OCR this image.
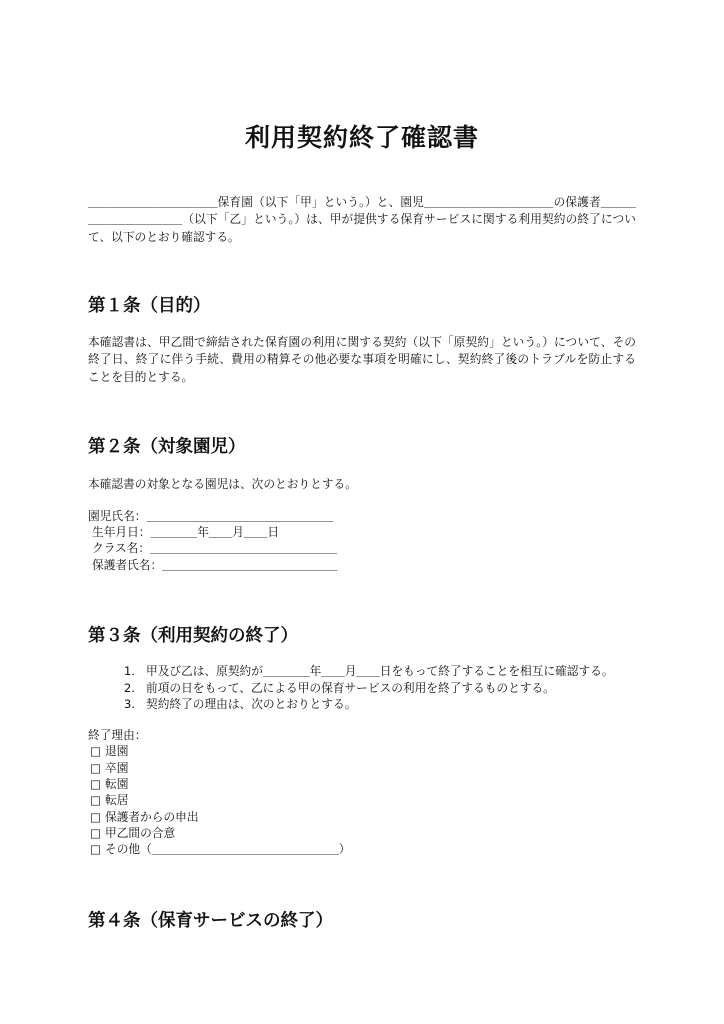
利用契約終了確認書

＿＿＿＿＿＿＿＿＿＿＿保育園（以下「甲」という。）と、園児＿＿＿＿＿＿＿＿＿＿＿の保護者＿＿＿＿＿＿＿＿＿＿＿（以下「乙」という。）は、甲が提供する保育サービスに関する利用契約の終了について、以下のとおり確認する。

第１条（目的）

本確認書は、甲乙間で締結された保育園の利用に関する契約（以下「原契約」という。）について、その終了日、終了に伴う手続、費用の精算その他必要な事項を明確にし、契約終了後のトラブルを防止することを目的とする。

第２条（対象園児）

本確認書の対象となる園児は、次のとおりとする。

園児氏名：＿＿＿＿＿＿＿＿＿＿＿＿＿＿＿＿
生年月日：＿＿＿＿年＿＿月＿＿日
クラス名：＿＿＿＿＿＿＿＿＿＿＿＿＿＿＿＿
保護者氏名：＿＿＿＿＿＿＿＿＿＿＿＿＿＿＿
第３条（利用契約の終了）
1. 甲及び乙は、原契約が＿＿＿＿年＿＿月＿＿日をもって終了することを相互に確認する。
2. 前項の日をもって、乙による甲の保育サービスの利用を終了するものとする。
3. 契約終了の理由は、次のとおりとする。
終了理由：
□ 退園
□ 卒園
□ 転園
□ 転居
□ 保護者からの申出
□ 甲乙間の合意
□ その他（＿＿＿＿＿＿＿＿＿＿＿＿＿＿＿＿）
第４条（保育サービスの終了）
